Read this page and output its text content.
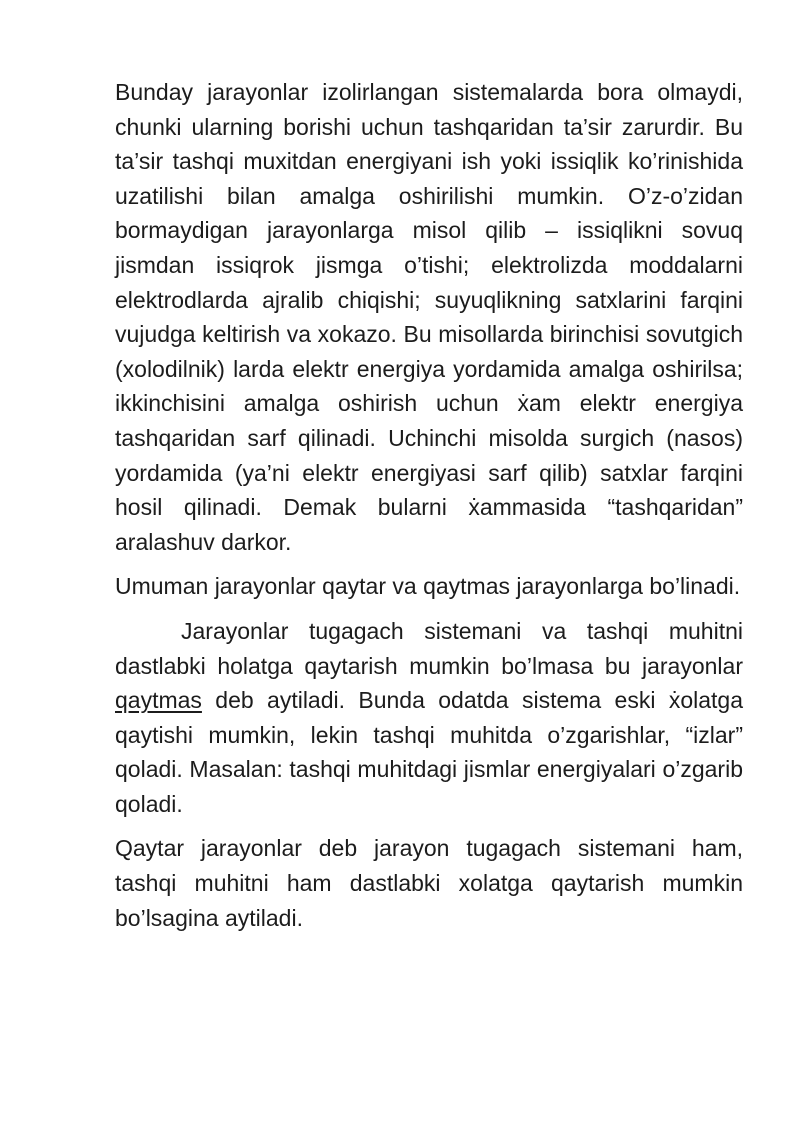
Bunday jarayonlar izolirlangan sistemalarda bora olmaydi, chunki ularning borishi uchun tashqaridan ta’sir zarurdir. Bu ta’sir tashqi muxitdan energiyani ish yoki issiqlik ko’rinishida uzatilishi bilan amalga oshirilishi mumkin. O’z-o’zidan bormaydigan jarayonlarga misol qilib – issiqlikni sovuq jismdan issiqrok jismga o’tishi; elektrolizda moddalarni elektrodlarda ajralib chiqishi; suyuqlikning satxlarini farqini vujudga keltirish va xokazo. Bu misollarda birinchisi sovutgich (xolodilnik) larda elektr energiya yordamida amalga oshirilsa; ikkinchisini amalga oshirish uchun ẋam elektr energiya tashqaridan sarf qilinadi. Uchinchi misolda surgich (nasos) yordamida (ya’ni elektr energiyasi sarf qilib) satxlar farqini hosil qilinadi. Demak bularni ẋammasida “tashqaridan” aralashuv darkor.

Umuman jarayonlar qaytar va qaytmas jarayonlarga bo’linadi.

Jarayonlar tugagach sistemani va tashqi muhitni dastlabki holatga qaytarish mumkin bo’lmasa bu jarayonlar qaytmas deb aytiladi. Bunda odatda sistema eski ẋolatga qaytishi mumkin, lekin tashqi muhitda o’zgarishlar, “izlar” qoladi. Masalan: tashqi muhitdagi jismlar energiyalari o’zgarib qoladi.

Qaytar jarayonlar deb jarayon tugagach sistemani ham, tashqi muhitni ham dastlabki xolatga qaytarish mumkin bo’lsagina aytiladi.
